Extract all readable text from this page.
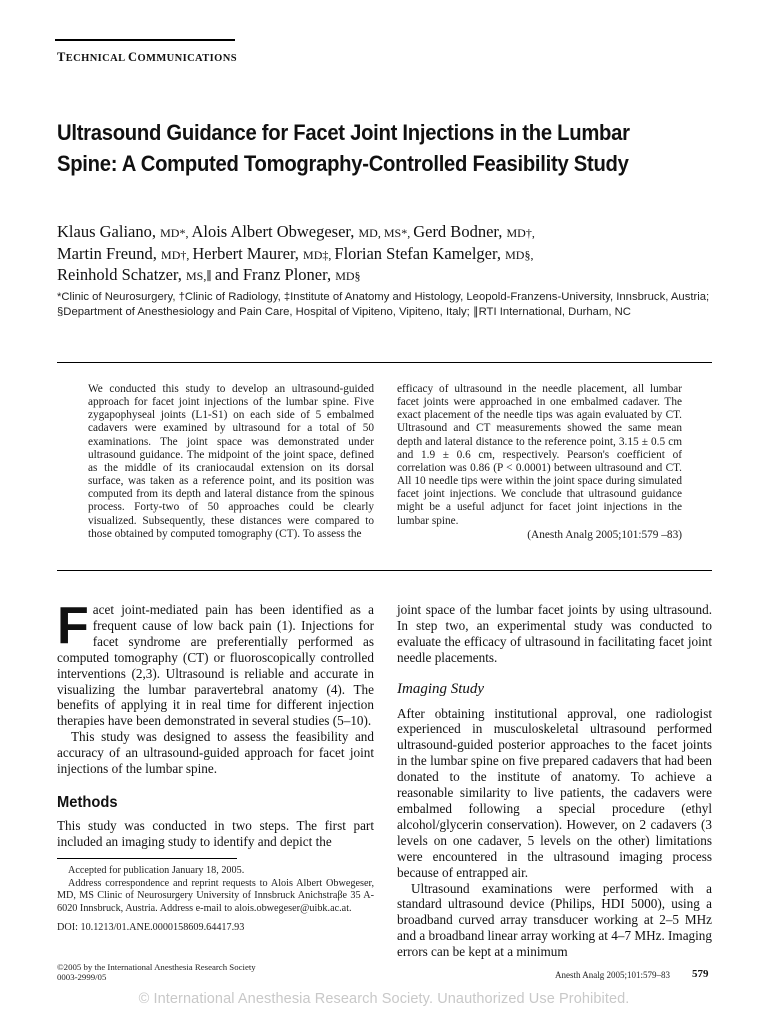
TECHNICAL COMMUNICATIONS
Ultrasound Guidance for Facet Joint Injections in the Lumbar Spine: A Computed Tomography-Controlled Feasibility Study
Klaus Galiano, MD*, Alois Albert Obwegeser, MD, MS*, Gerd Bodner, MD†,
Martin Freund, MD†, Herbert Maurer, MD‡, Florian Stefan Kamelger, MD§,
Reinhold Schatzer, MS,∥ and Franz Ploner, MD§
*Clinic of Neurosurgery, †Clinic of Radiology, ‡Institute of Anatomy and Histology, Leopold-Franzens-University, Innsbruck, Austria; §Department of Anesthesiology and Pain Care, Hospital of Vipiteno, Vipiteno, Italy; ∥RTI International, Durham, NC

We conducted this study to develop an ultrasound-guided approach for facet joint injections of the lumbar spine. Five zygapophyseal joints (L1-S1) on each side of 5 embalmed cadavers were examined by ultrasound for a total of 50 examinations. The joint space was demonstrated under ultrasound guidance. The midpoint of the joint space, defined as the middle of its craniocaudal extension on its dorsal surface, was taken as a reference point, and its position was computed from its depth and lateral distance from the spinous process. Forty-two of 50 approaches could be clearly visualized. Subsequently, these distances were compared to those obtained by computed tomography (CT). To assess the

efficacy of ultrasound in the needle placement, all lumbar facet joints were approached in one embalmed cadaver. The exact placement of the needle tips was again evaluated by CT. Ultrasound and CT measurements showed the same mean depth and lateral distance to the reference point, 3.15 ± 0.5 cm and 1.9 ± 0.6 cm, respectively. Pearson's coefficient of correlation was 0.86 (P < 0.0001) between ultrasound and CT. All 10 needle tips were within the joint space during simulated facet joint injections. We conclude that ultrasound guidance might be a useful adjunct for facet joint injections in the lumbar spine.

(Anesth Analg 2005;101:579 –83)

Facet joint-mediated pain has been identified as a frequent cause of low back pain (1). Injections for facet syndrome are preferentially performed as computed tomography (CT) or fluoroscopically controlled interventions (2,3). Ultrasound is reliable and accurate in visualizing the lumbar paravertebral anatomy (4). The benefits of applying it in real time for different injection therapies have been demonstrated in several studies (5–10).

This study was designed to assess the feasibility and accuracy of an ultrasound-guided approach for facet joint injections of the lumbar spine.

Methods

This study was conducted in two steps. The first part included an imaging study to identify and depict the

joint space of the lumbar facet joints by using ultrasound. In step two, an experimental study was conducted to evaluate the efficacy of ultrasound in facilitating facet joint needle placements.

Imaging Study

After obtaining institutional approval, one radiologist experienced in musculoskeletal ultrasound performed ultrasound-guided posterior approaches to the facet joints in the lumbar spine on five prepared cadavers that had been donated to the institute of anatomy. To achieve a reasonable similarity to live patients, the cadavers were embalmed following a special procedure (ethyl alcohol/glycerin conservation). However, on 2 cadavers (3 levels on one cadaver, 5 levels on the other) limitations were encountered in the ultrasound imaging process because of entrapped air.

Ultrasound examinations were performed with a standard ultrasound device (Philips, HDI 5000), using a broadband curved array transducer working at 2–5 MHz and a broadband linear array working at 4–7 MHz. Imaging errors can be kept at a minimum

Accepted for publication January 18, 2005.

Address correspondence and reprint requests to Alois Albert Obwegeser, MD, MS Clinic of Neurosurgery University of Innsbruck Anichstraβe 35 A-6020 Innsbruck, Austria. Address e-mail to alois.obwegeser@uibk.ac.at.

DOI: 10.1213/01.ANE.0000158609.64417.93

©2005 by the International Anesthesia Research Society
0003-2999/05	Anesth Analg 2005;101:579–83 579
© International Anesthesia Research Society. Unauthorized Use Prohibited.
